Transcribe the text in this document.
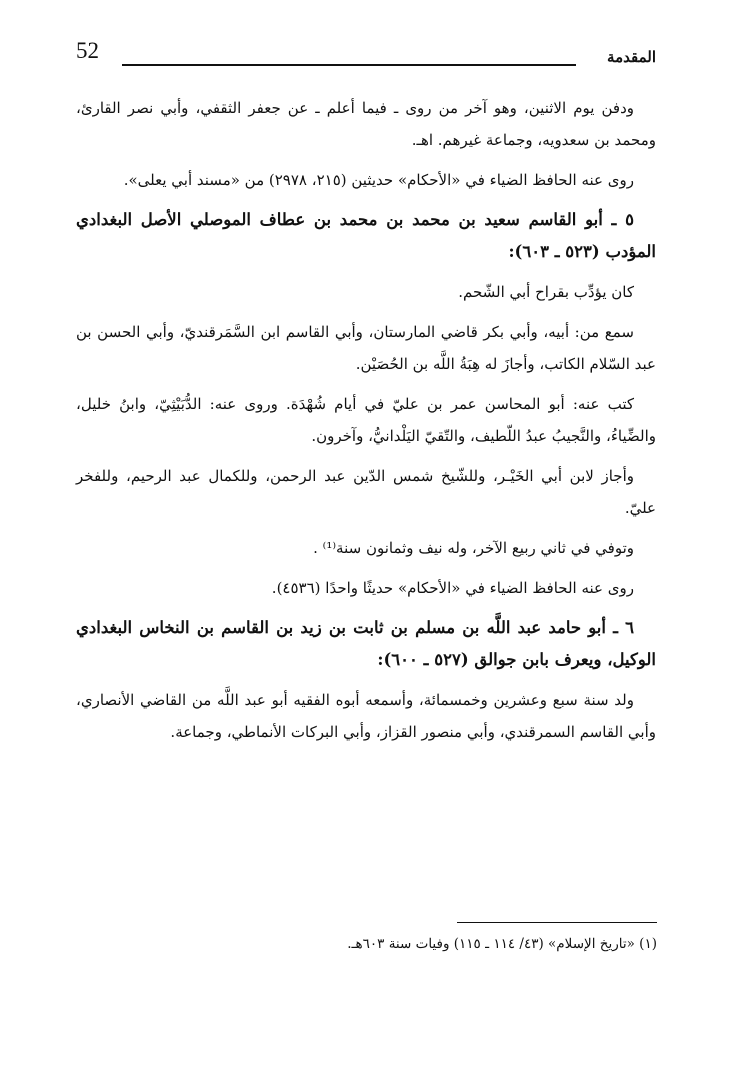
52	المقدمة

ودفن يوم الاثنين، وهو آخر من روى ـ فيما أعلم ـ عن جعفر الثقفي، وأبي نصر القارئ، ومحمد بن سعدويه، وجماعة غيرهم. اهـ.

روى عنه الحافظ الضياء في «الأحكام» حديثين (٢١٥، ٢٩٧٨) من «مسند أبي يعلى».

٥ ـ أبو القاسم سعيد بن محمد بن محمد بن عطاف الموصلي الأصل البغدادي المؤدب (٥٢٣ ـ ٦٠٣):

كان يؤدِّب بقراح أبي الشّحم.

سمع من: أبيه، وأبي بكر قاضي المارستان، وأبي القاسم ابن السَّمَرقنديّ، وأبي الحسن بن عبد السّلام الكاتب، وأجازَ له هِبَةُ اللَّه بن الحُصَيْن.

كتب عنه: أبو المحاسن عمر بن عليّ في أيام شُهْدَة. وروى عنه: الدُّبَيْثِيّ، وابنُ خليل، والضِّياءُ، والنَّجيبُ عبدُ اللّطيف، والتّقيّ اليَلْدانيُّ، وآخرون.

وأجاز لابن أبي الخَيْـر، وللشّيخ شمس الدّين عبد الرحمن، وللكمال عبد الرحيم، وللفخر عليّ.

وتوفي في ثاني ربيع الآخر، وله نيف وثمانون سنة⁽¹⁾ .

روى عنه الحافظ الضياء في «الأحكام» حديثًا واحدًا (٤٥٣٦).

٦ ـ أبو حامد عبد اللَّه بن مسلم بن ثابت بن زيد بن القاسم بن النخاس البغدادي الوكيل، ويعرف بابن جوالق (٥٢٧ ـ ٦٠٠):

ولد سنة سبع وعشرين وخمسمائة، وأسمعه أبوه الفقيه أبو عبد اللَّه من القاضي الأنصاري، وأبي القاسم السمرقندي، وأبي منصور القزاز، وأبي البركات الأنماطي، وجماعة.

(١) «تاريخ الإسلام» (٤٣/ ١١٤ ـ ١١٥) وفيات سنة ٦٠٣هـ.
